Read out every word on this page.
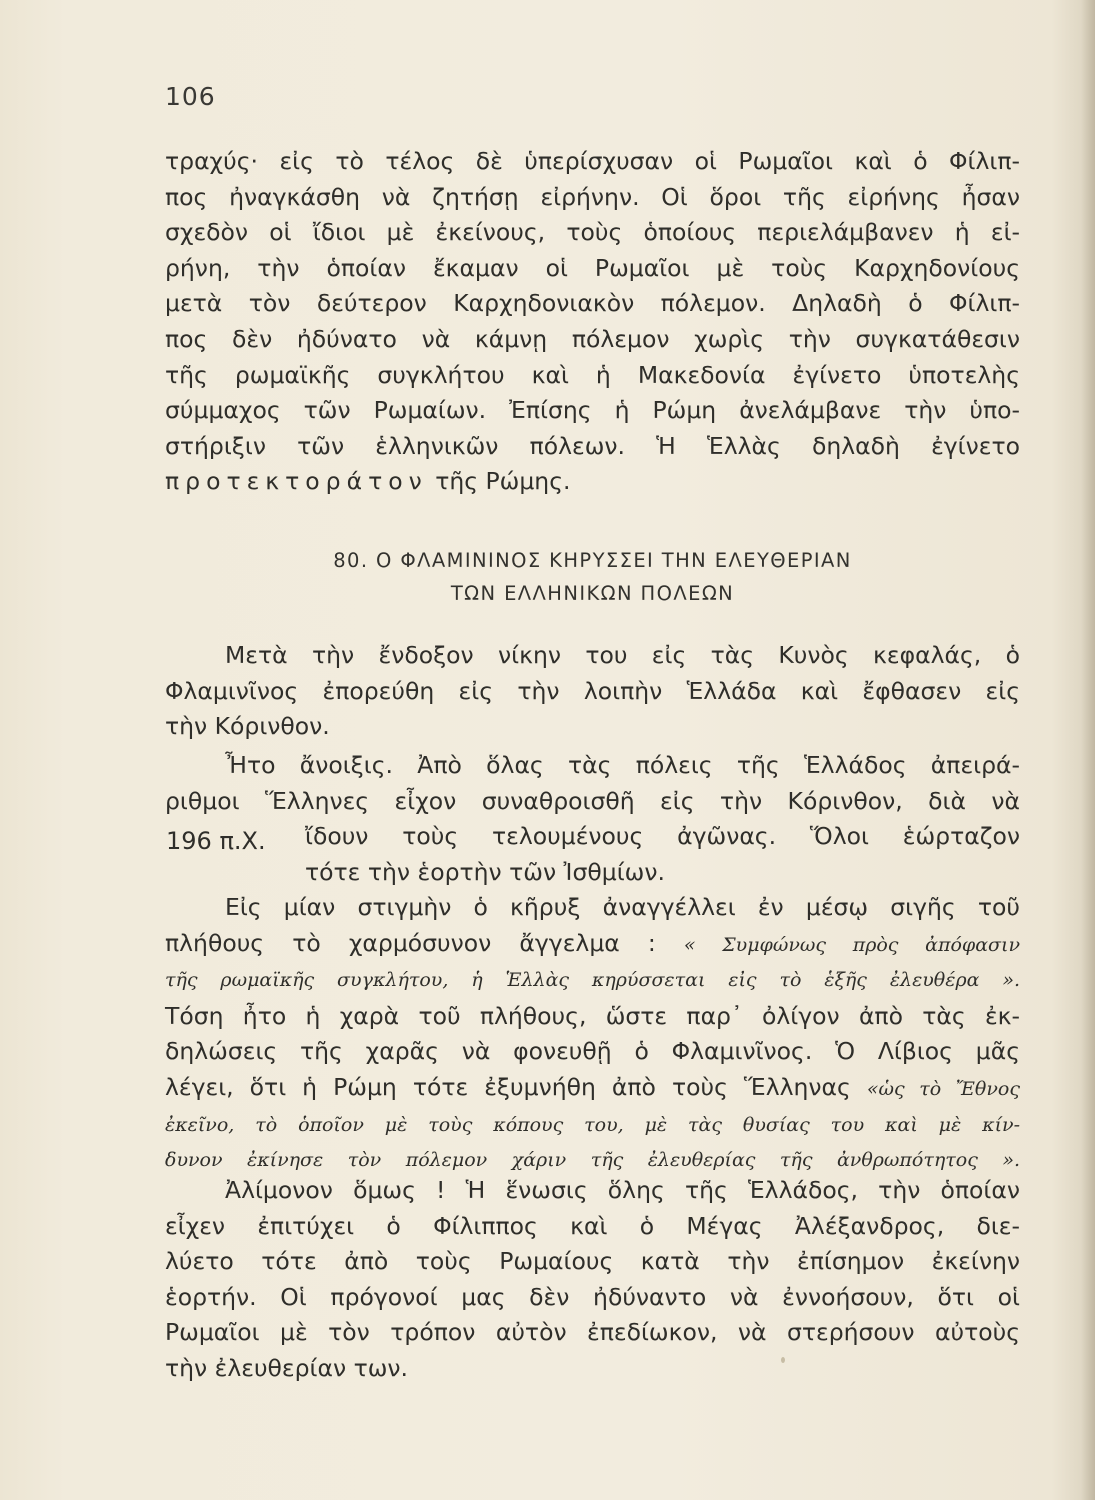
106
τραχύς· εἰς τὸ τέλος δὲ ὑπερίσχυσαν οἱ Ρωμαῖοι καὶ ὁ Φίλιπ-
πος ἠναγκάσθη νὰ ζητήσῃ εἰρήνην. Οἱ ὅροι τῆς εἰρήνης ἦσαν
σχεδὸν οἱ ἴδιοι μὲ ἐκείνους, τοὺς ὁποίους περιελάμβανεν ἡ εἰ-
ρήνη, τὴν ὁποίαν ἔκαμαν οἱ Ρωμαῖοι μὲ τοὺς Καρχηδονίους
μετὰ τὸν δεύτερον Καρχηδονιακὸν πόλεμον. Δηλαδὴ ὁ Φίλιπ-
πος δὲν ἠδύνατο νὰ κάμνῃ πόλεμον χωρὶς τὴν συγκατάθεσιν
τῆς ρωμαϊκῆς συγκλήτου καὶ ἡ Μακεδονία ἐγίνετο ὑποτελὴς
σύμμαχος τῶν Ρωμαίων. Ἐπίσης ἡ Ρώμη ἀνελάμβανε τὴν ὑπο-
στήριξιν τῶν ἑλληνικῶν πόλεων. Ἡ Ἑλλὰς δηλαδὴ ἐγίνετο
προτεκτοράτον τῆς Ρώμης.
80. Ο ΦΛΑΜΙΝΙΝΟΣ ΚΗΡΥΣΣΕΙ ΤΗΝ ΕΛΕΥΘΕΡΙΑΝ
ΤΩΝ ΕΛΛΗΝΙΚΩΝ ΠΟΛΕΩΝ
Μετὰ τὴν ἔνδοξον νίκην του εἰς τὰς Κυνὸς κεφαλάς, ὁ
Φλαμινῖνος ἐπορεύθη εἰς τὴν λοιπὴν Ἑλλάδα καὶ ἔφθασεν εἰς
τὴν Κόρινθον.
Ἦτο ἄνοιξις. Ἀπὸ ὅλας τὰς πόλεις τῆς Ἑλλάδος ἀπειρά-
ριθμοι Ἕλληνες εἶχον συναθροισθῆ εἰς τὴν Κόρινθον, διὰ νὰ
ἴδουν τοὺς τελουμένους ἀγῶνας. Ὅλοι ἑώρταζον
τότε τὴν ἑορτὴν τῶν Ἰσθμίων.
196 π.Χ.
Εἰς μίαν στιγμὴν ὁ κῆρυξ ἀναγγέλλει ἐν μέσῳ σιγῆς τοῦ
πλήθους τὸ χαρμόσυνον ἄγγελμα : « Συμφώνως πρὸς ἀπόφασιν
τῆς ρωμαϊκῆς συγκλήτου, ἡ Ἑλλὰς κηρύσσεται εἰς τὸ ἑξῆς ἐλευθέρα ».
Τόση ἦτο ἡ χαρὰ τοῦ πλήθους, ὥστε παρ᾽ ὀλίγον ἀπὸ τὰς ἐκ-
δηλώσεις τῆς χαρᾶς νὰ φονευθῇ ὁ Φλαμινῖνος. Ὁ Λίβιος μᾶς
λέγει, ὅτι ἡ Ρώμη τότε ἐξυμνήθη ἀπὸ τοὺς Ἕλληνας «ὡς τὸ Ἔθνος
ἐκεῖνο, τὸ ὁποῖον μὲ τοὺς κόπους του, μὲ τὰς θυσίας του καὶ μὲ κίν-
δυνον ἐκίνησε τὸν πόλεμον χάριν τῆς ἐλευθερίας τῆς ἀνθρωπότητος ».
Ἀλίμονον ὅμως ! Ἡ ἕνωσις ὅλης τῆς Ἑλλάδος, τὴν ὁποίαν
εἶχεν ἐπιτύχει ὁ Φίλιππος καὶ ὁ Μέγας Ἀλέξανδρος, διε-
λύετο τότε ἀπὸ τοὺς Ρωμαίους κατὰ τὴν ἐπίσημον ἐκείνην
ἑορτήν. Οἱ πρόγονοί μας δὲν ἠδύναντο νὰ ἐννοήσουν, ὅτι οἱ
Ρωμαῖοι μὲ τὸν τρόπον αὐτὸν ἐπεδίωκον, νὰ στερήσουν αὐτοὺς
τὴν ἐλευθερίαν των.
